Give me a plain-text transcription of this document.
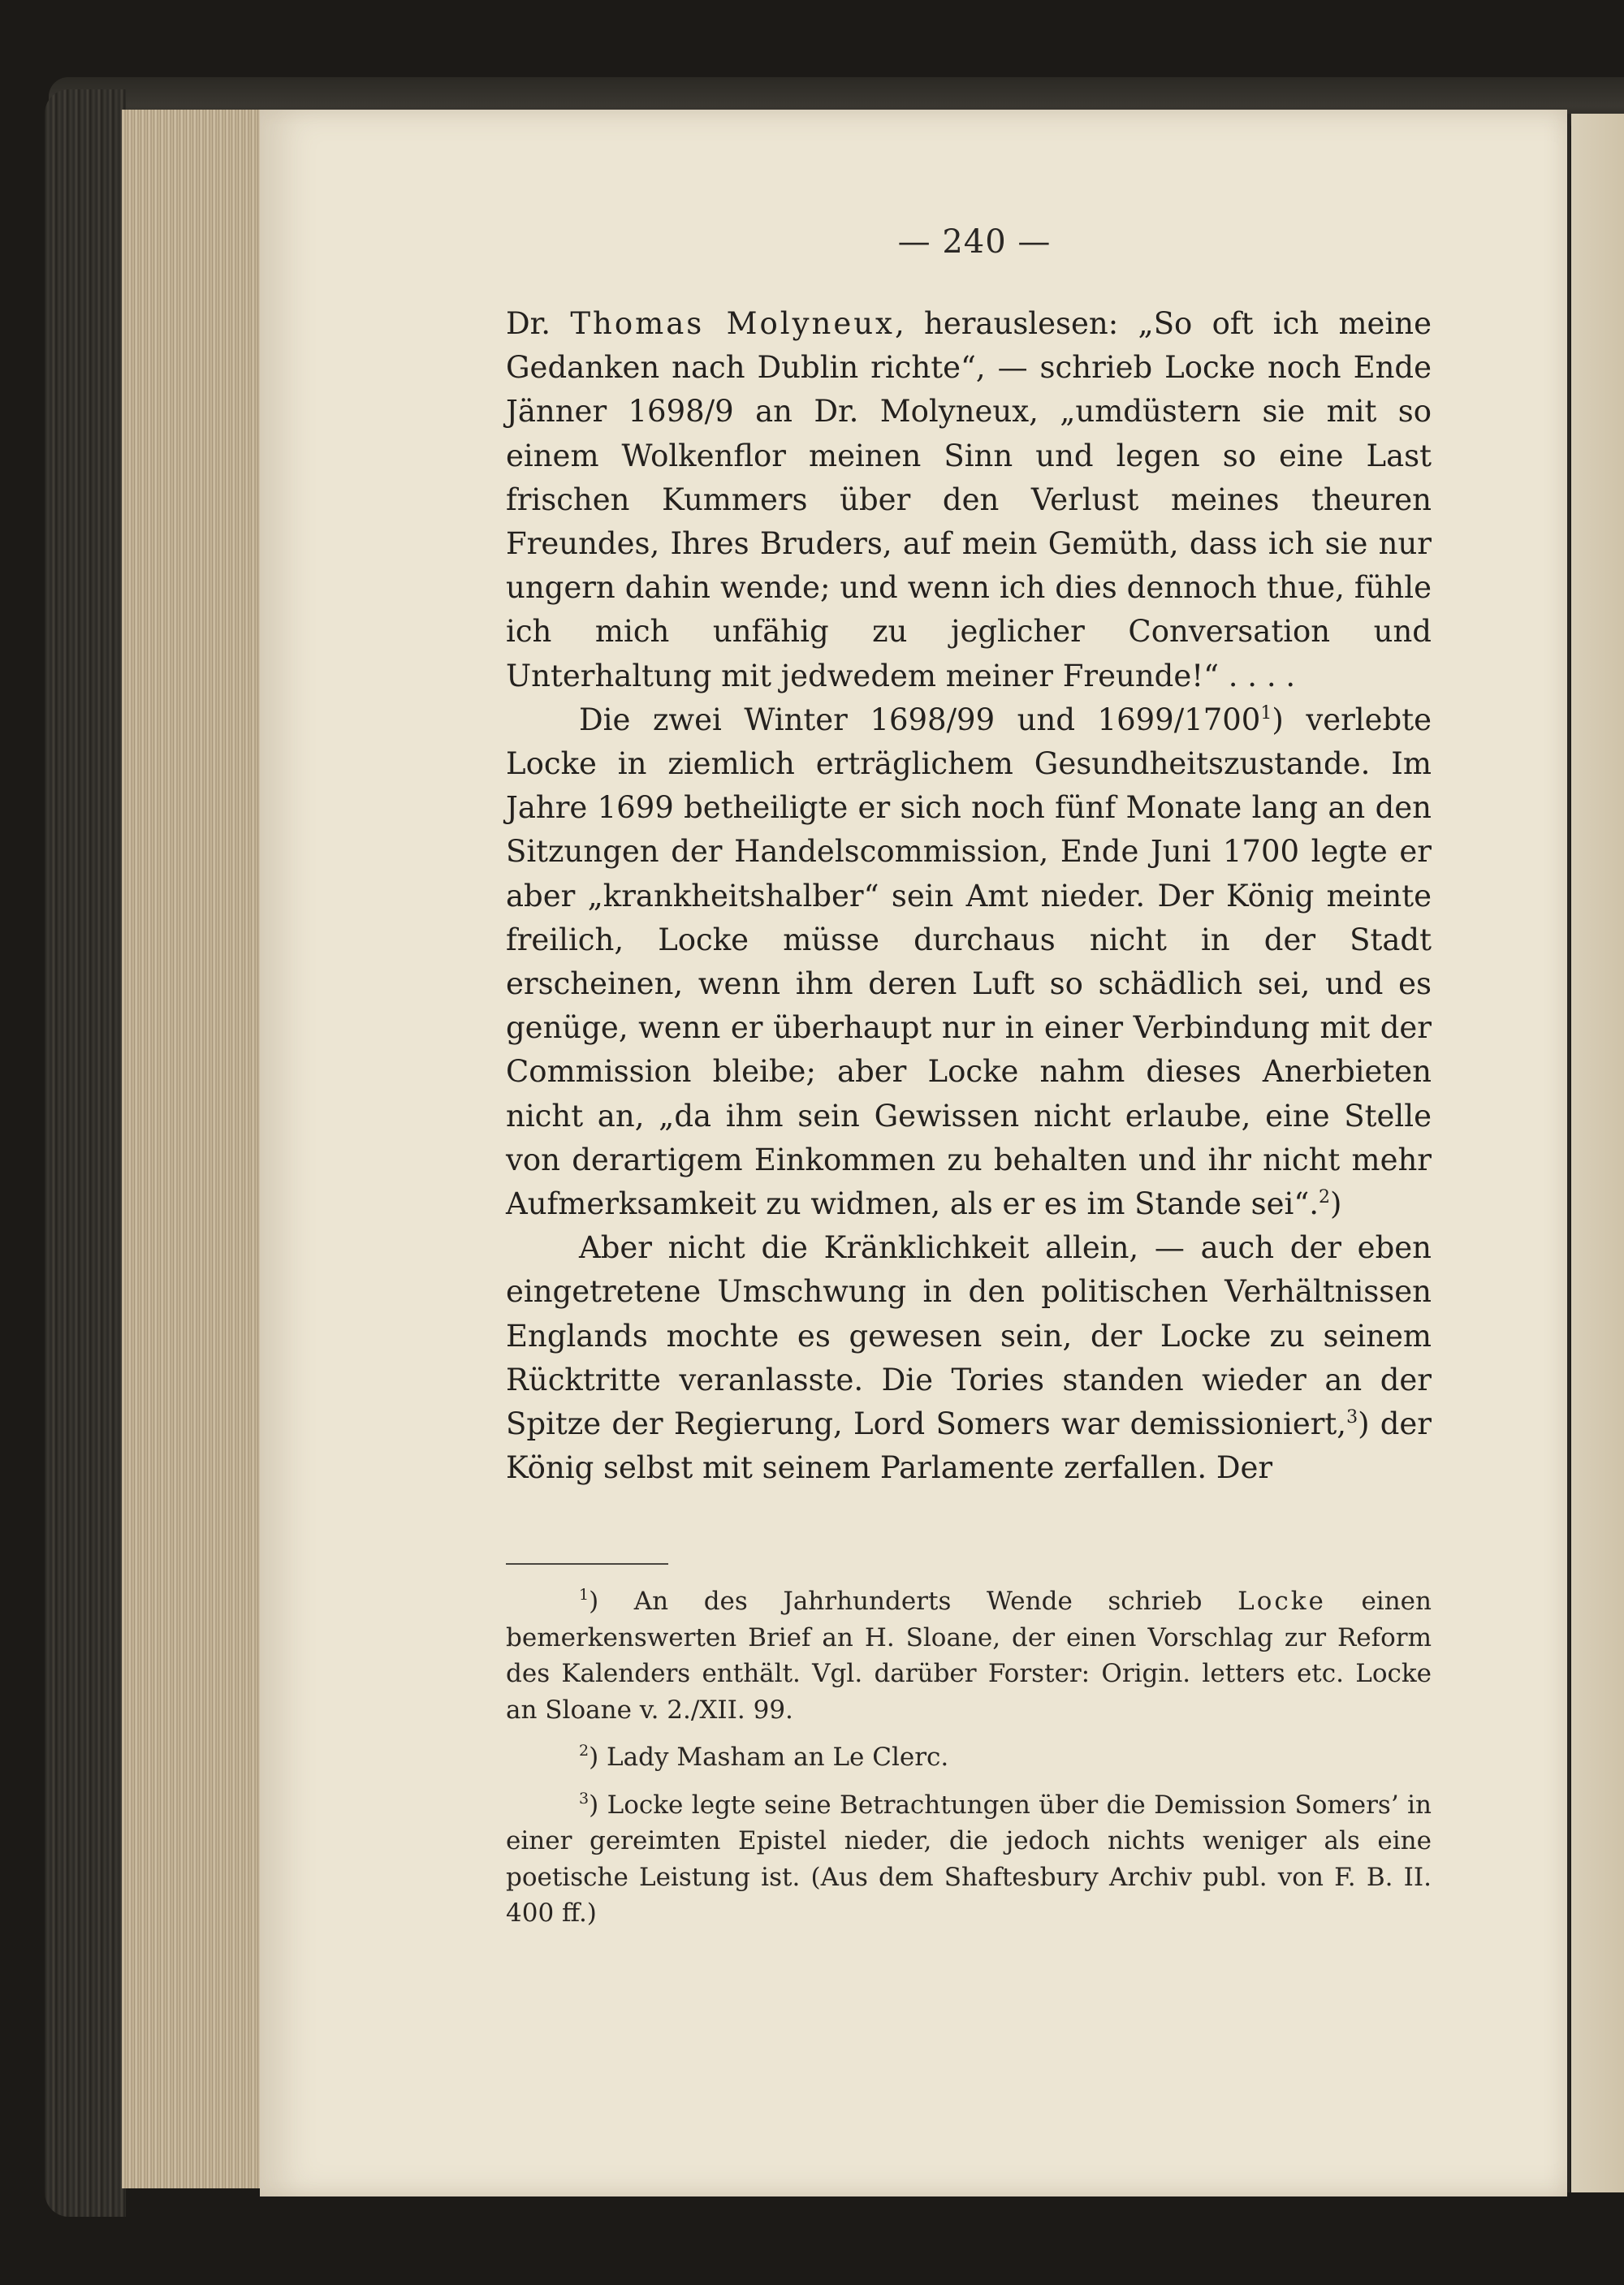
— 240 —

Dr. Thomas Molyneux, herauslesen: „So oft ich meine Gedanken nach Dublin richte“, — schrieb Locke noch Ende Jänner 1698/9 an Dr. Molyneux, „umdüstern sie mit so einem Wolkenflor meinen Sinn und legen so eine Last frischen Kummers über den Verlust meines theuren Freundes, Ihres Bruders, auf mein Gemüth, dass ich sie nur ungern dahin wende; und wenn ich dies dennoch thue, fühle ich mich unfähig zu jeglicher Conversation und Unterhaltung mit jedwedem meiner Freunde!“ . . . .

Die zwei Winter 1698/99 und 1699/1700$^1$) verlebte Locke in ziemlich erträglichem Gesundheitszustande. Im Jahre 1699 betheiligte er sich noch fünf Monate lang an den Sitzungen der Handelscommission, Ende Juni 1700 legte er aber „krankheitshalber“ sein Amt nieder. Der König meinte freilich, Locke müsse durchaus nicht in der Stadt erscheinen, wenn ihm deren Luft so schädlich sei, und es genüge, wenn er überhaupt nur in einer Verbindung mit der Commission bleibe; aber Locke nahm dieses Anerbieten nicht an, „da ihm sein Gewissen nicht erlaube, eine Stelle von derartigem Einkommen zu behalten und ihr nicht mehr Aufmerksamkeit zu widmen, als er es im Stande sei“.$^2$)

Aber nicht die Kränklichkeit allein, — auch der eben eingetretene Umschwung in den politischen Verhältnissen Englands mochte es gewesen sein, der Locke zu seinem Rücktritte veranlasste. Die Tories standen wieder an der Spitze der Regierung, Lord Somers war demissioniert,$^3$) der König selbst mit seinem Parlamente zerfallen. Der

$^1$) An des Jahrhunderts Wende schrieb Locke einen bemerkenswerten Brief an H. Sloane, der einen Vorschlag zur Reform des Kalenders enthält. Vgl. darüber Forster: Origin. letters etc. Locke an Sloane v. 2./XII. 99.

$^2$) Lady Masham an Le Clerc.

$^3$) Locke legte seine Betrachtungen über die Demission Somers’ in einer gereimten Epistel nieder, die jedoch nichts weniger als eine poetische Leistung ist. (Aus dem Shaftesbury Archiv publ. von F. B. II. 400 ff.)
